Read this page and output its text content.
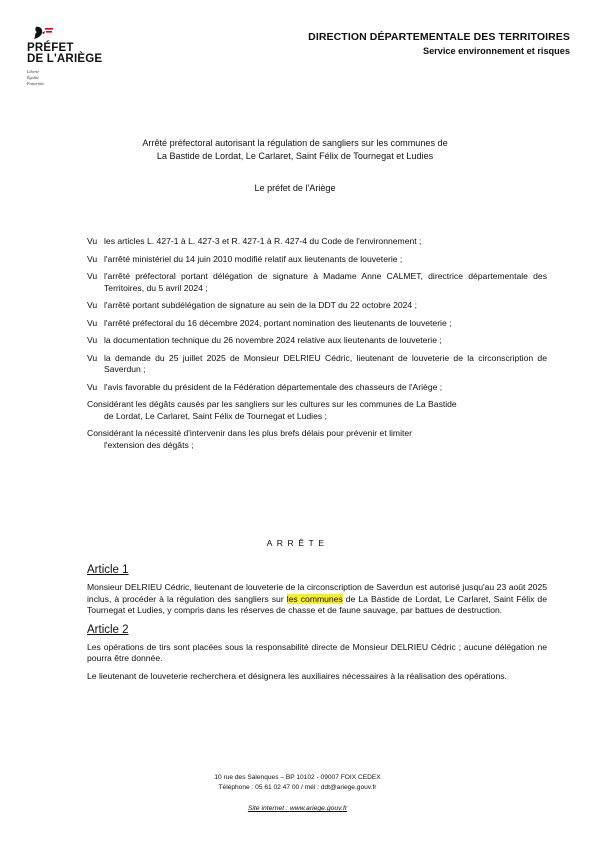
PRÉFET
DE L'ARIÈGE
Liberté
Égalité
Fraternité
DIRECTION DÉPARTEMENTALE DES TERRITOIRES
Service environnement et risques
Arrêté préfectoral autorisant la régulation de sangliers sur les communes de
La Bastide de Lordat, Le Carlaret, Saint Félix de Tournegat et Ludies
Le préfet de l'Ariège
Vu les articles L. 427-1 à L. 427-3 et R. 427-1 à R. 427-4 du Code de l'environnement ;
Vu l'arrêté ministériel du 14 juin 2010 modifié relatif aux lieutenants de louveterie ;
Vu l'arrêté préfectoral portant délégation de signature à Madame Anne CALMET, directrice départementale des Territoires, du 5 avril 2024 ;
Vu l'arrêté portant subdélégation de signature au sein de la DDT du 22 octobre 2024 ;
Vu l'arrêté préfectoral du 16 décembre 2024, portant nomination des lieutenants de louveterie ;
Vu la documentation technique du 26 novembre 2024 relative aux lieutenants de louveterie ;
Vu la demande du 25 juillet 2025 de Monsieur DELRIEU Cédric, lieutenant de louveterie de la circonscription de Saverdun ;
Vu l'avis favorable du président de la Fédération départementale des chasseurs de l'Ariège ;
Considérant les dégâts causés par les sangliers sur les cultures sur les communes de La Bastide
de Lordat, Le Carlaret, Saint Félix de Tournegat et Ludies ;
Considérant la nécessité d'intervenir dans les plus brefs délais pour prévenir et limiter
l'extension des dégâts ;
ARRÊTE
Article 1

Monsieur DELRIEU Cédric, lieutenant de louveterie de la circonscription de Saverdun est autorisé jusqu'au 23 août 2025 inclus, à procéder à la régulation des sangliers sur les communes de La Bastide de Lordat, Le Carlaret, Saint Félix de Tournegat et Ludies, y compris dans les réserves de chasse et de faune sauvage, par battues de destruction.

Article 2

Les opérations de tirs sont placées sous la responsabilité directe de Monsieur DELRIEU Cédric ; aucune délégation ne pourra être donnée.

Le lieutenant de louveterie recherchera et désignera les auxiliaires nécessaires à la réalisation des opérations.

10 rue des Salenques – BP 10102 - 09007 FOIX CEDEX
Téléphone : 05 61 02 47 00 / mél : ddt@ariege.gouv.fr
Site internet : www.ariege.gouv.fr
